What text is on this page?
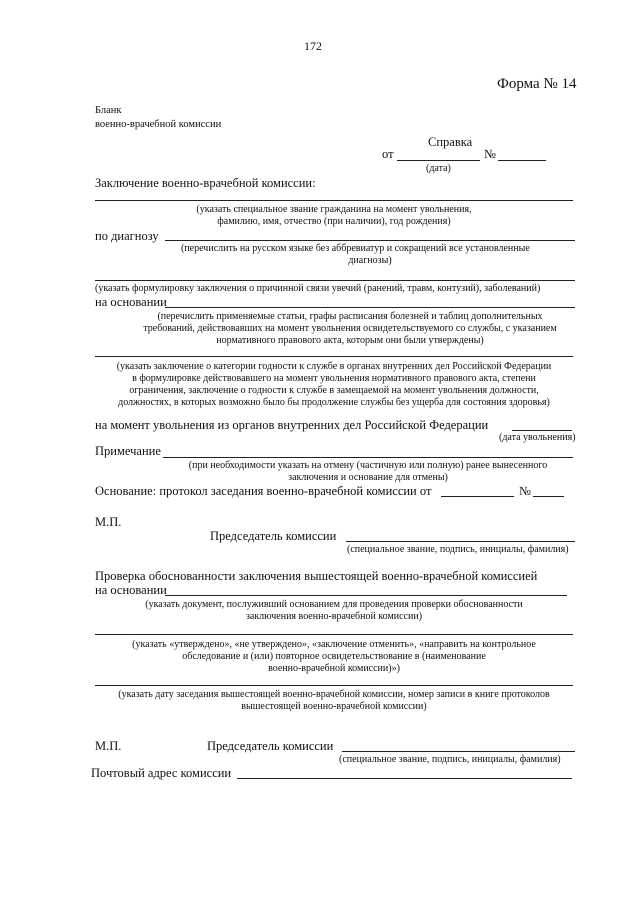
172
Форма № 14
Бланк
военно-врачебной комиссии
Справка
от	№
(дата)
Заключение военно-врачебной комиссии:
(указать специальное звание гражданина на момент увольнения,
фамилию, имя, отчество (при наличии), год рождения)
по диагнозу
(перечислить на русском языке без аббревиатур и сокращений все установленные
диагнозы)
(указать формулировку заключения о причинной связи увечий (ранений, травм, контузий), заболеваний)
на основании
(перечислить применяемые статьи, графы расписания болезней и таблиц дополнительных
требований, действовавших на момент увольнения освидетельствуемого со службы, с указанием
нормативного правового акта, которым они были утверждены)
(указать заключение о категории годности к службе в органах внутренних дел Российской Федерации
в формулировке действовавшего на момент увольнения нормативного правового акта, степени
ограничения, заключение о годности к службе в замещаемой на момент увольнения должности,
должностях, в которых возможно было бы продолжение службы без ущерба для состояния здоровья)
на момент увольнения из органов внутренних дел Российской Федерации
(дата увольнения)
Примечание
(при необходимости указать на отмену (частичную или полную) ранее вынесенного
заключения и основание для отмены)
Основание: протокол заседания военно-врачебной комиссии от	№
М.П.
Председатель комиссии
(специальное звание, подпись, инициалы, фамилия)
Проверка обоснованности заключения вышестоящей военно-врачебной комиссией
на основании
(указать документ, послуживший основанием для проведения проверки обоснованности
заключения военно-врачебной комиссии)
(указать «утверждено», «не утверждено», «заключение отменить», «направить на контрольное
обследование и (или) повторное освидетельствование в (наименование
военно-врачебной комиссии)»)
(указать дату заседания вышестоящей военно-врачебной комиссии, номер записи в книге протоколов
вышестоящей военно-врачебной комиссии)
М.П.	Председатель комиссии
(специальное звание, подпись, инициалы, фамилия)
Почтовый адрес комиссии
